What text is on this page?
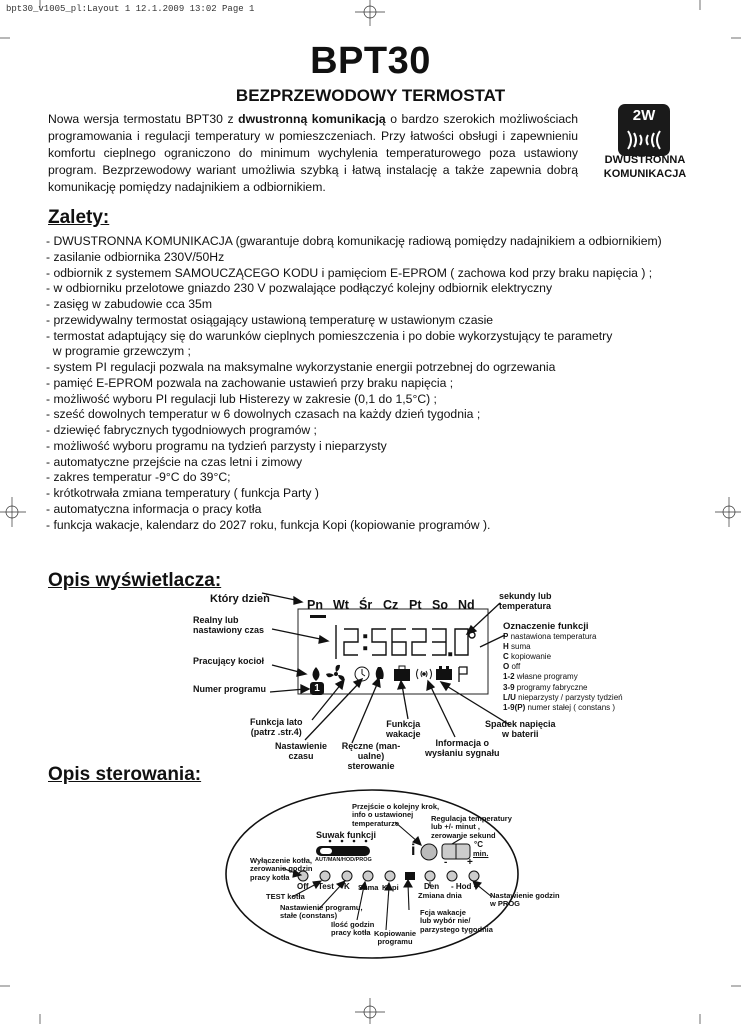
bpt30_v1005_pl:Layout 1 12.1.2009 13:02 Page 1
BPT30
BEZPRZEWODOWY TERMOSTAT
Nowa wersja termostatu BPT30 z dwustronną komunikacją o bardzo szerokich możliwościach programowania i regulacji temperatury w pomieszczeniach. Przy łatwości obsługi i zapewnieniu komfortu cieplnego ograniczono do minimum wychylenia temperaturowego poza ustawiony program. Bezprzewodowy wariant umożliwia szybką i łatwą instalację a także zapewnia dobrą komunikację pomiędzy nadajnikiem a odbiornikiem.
2W
DWUSTRONNA
KOMUNIKACJA
Zalety:
- DWUSTRONNA KOMUNIKACJA (gwarantuje dobrą komunikację radiową pomiędzy nadajnikiem a odbiornikiem)
- zasilanie odbiornika 230V/50Hz
- odbiornik z systemem SAMOUCZĄCEGO KODU i pamięciom E-EPROM ( zachowa kod przy braku napięcia ) ;
- w odbiorniku przelotowe gniazdo 230 V pozwalające podłączyć kolejny odbiornik elektryczny
- zasięg w zabudowie cca 35m
- przewidywalny termostat osiągający ustawioną temperaturę w ustawionym czasie
- termostat adaptujący się do warunków cieplnych pomieszczenia i po dobie wykorzystujący te parametry
w programie grzewczym ;
- system PI regulacji pozwala na maksymalne wykorzystanie energii potrzebnej do ogrzewania
- pamięć E-EPROM pozwala na zachowanie ustawień przy braku napięcia ;
- możliwość wyboru PI regulacji lub Histerezy w zakresie (0,1 do 1,5°C) ;
- sześć dowolnych temperatur w 6 dowolnych czasach na każdy dzień tygodnia ;
- dziewięć fabrycznych tygodniowych programów ;
- możliwość wyboru programu na tydzień parzysty i nieparzysty
- automatyczne przejście na czas letni i zimowy
- zakres temperatur -9°C do 39°C;
- krótkotrwała zmiana temperatury ( funkcja Party )
- automatyczna informacja o pracy kotła
- funkcja wakacje, kalendarz do 2027 roku, funkcja Kopi (kopiowanie programów ).
Opis wyświetlacza:
Który dzień
1
Pn Wt Śr Cz Pt So Nd
Realny lub
nastawiony czas
Pracujący kocioł
Numer programu
sekundy lub
temperatura
Oznaczenie funkcji
P nastawiona temperatura
H suma
C kopiowanie
O off
1-2 własne programy
3-9 programy fabryczne
L/U nieparzysty / parzysty tydzień
1-9(P) numer stałej ( constans )
Funkcja lato
(patrz .str.4)
Nastawienie
czasu
Ręczne (man-
ualne)
sterowanie
Funkcja
wakacje
Informacja o
wysłaniu sygnału
Spadek napięcia
w baterii
Opis sterowania:
Przejście o kolejny krok,
info o ustawionej
temperaturze
Regulacja temperatury
lub +/- minut ,
zerowanie sekund
Suwak funkcji
AUT/MAN/HOD/PROG
i	°C
min.
- +
Wyłączenie kotła,
zerowanie godzin
pracy kotła
Off Test K Suma Kopi	Den - Hod +
TEST kotła
Nastawienie programu,
stałe (constans)
Ilość godzin
pracy kotła Kopiowanie
programu
Zmiana dnia
Fcja wakacje
lub wybór nie/
parzystego tygodnia
Nastawienie godzin
w PROG
12:56 23.0 P
